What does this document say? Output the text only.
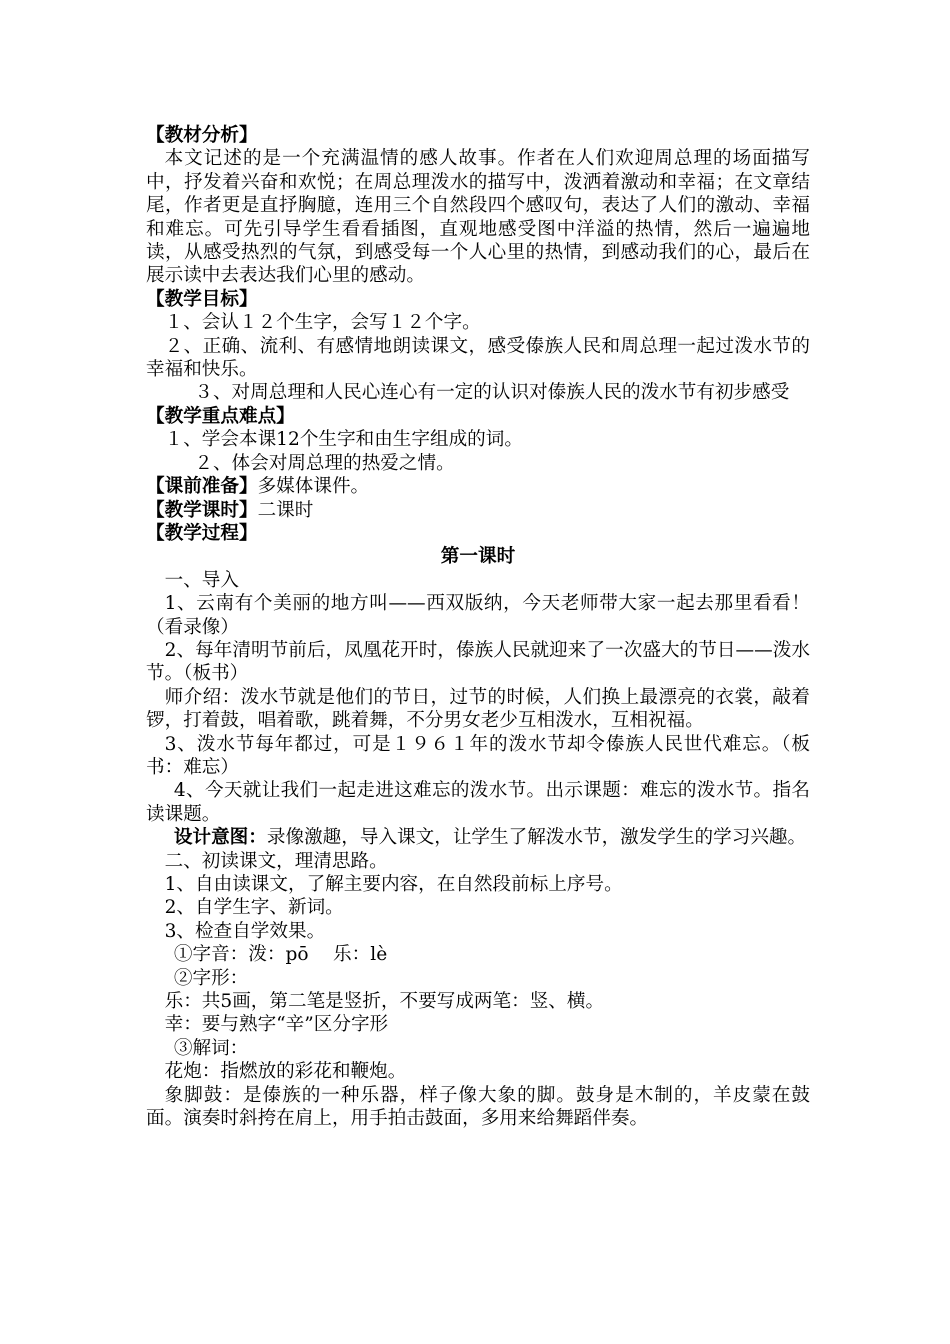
【教材分析】

本文记述的是一个充满温情的感人故事。作者在人们欢迎周总理的场面描写中，抒发着兴奋和欢悦；在周总理泼水的描写中，泼洒着激动和幸福；在文章结尾，作者更是直抒胸臆，连用三个自然段四个感叹句，表达了人们的激动、幸福和难忘。可先引导学生看看插图，直观地感受图中洋溢的热情，然后一遍遍地读，从感受热烈的气氛，到感受每一个人心里的热情，到感动我们的心，最后在展示读中去表达我们心里的感动。

【教学目标】

１、会认１２个生字，会写１２个字。

２、正确、流利、有感情地朗读课文，感受傣族人民和周总理一起过泼水节的幸福和快乐。

３、对周总理和人民心连心有一定的认识对傣族人民的泼水节有初步感受

【教学重点难点】

１、学会本课12个生字和由生字组成的词。

２、体会对周总理的热爱之情。

【课前准备】多媒体课件。

【教学课时】二课时

【教学过程】

第一课时

一、导入

1、云南有个美丽的地方叫——西双版纳，今天老师带大家一起去那里看看！（看录像）

2、每年清明节前后，凤凰花开时，傣族人民就迎来了一次盛大的节日——泼水节。（板书）

师介绍：泼水节就是他们的节日，过节的时候，人们换上最漂亮的衣裳，敲着锣，打着鼓，唱着歌，跳着舞，不分男女老少互相泼水，互相祝福。

3、泼水节每年都过，可是１９６１年的泼水节却令傣族人民世代难忘。（板书：难忘）

4、今天就让我们一起走进这难忘的泼水节。出示课题：难忘的泼水节。指名读课题。

设计意图：录像激趣，导入课文，让学生了解泼水节，激发学生的学习兴趣。

二、初读课文，理清思路。

1、自由读课文，了解主要内容，在自然段前标上序号。

2、自学生字、新词。

3、检查自学效果。

①字音：泼：pō　 乐：lè

②字形：

乐：共5画，第二笔是竖折，不要写成两笔：竖、横。

幸：要与熟字“辛”区分字形

③解词：

花炮：指燃放的彩花和鞭炮。

象脚鼓：是傣族的一种乐器，样子像大象的脚。鼓身是木制的，羊皮蒙在鼓面。演奏时斜挎在肩上，用手拍击鼓面，多用来给舞蹈伴奏。
